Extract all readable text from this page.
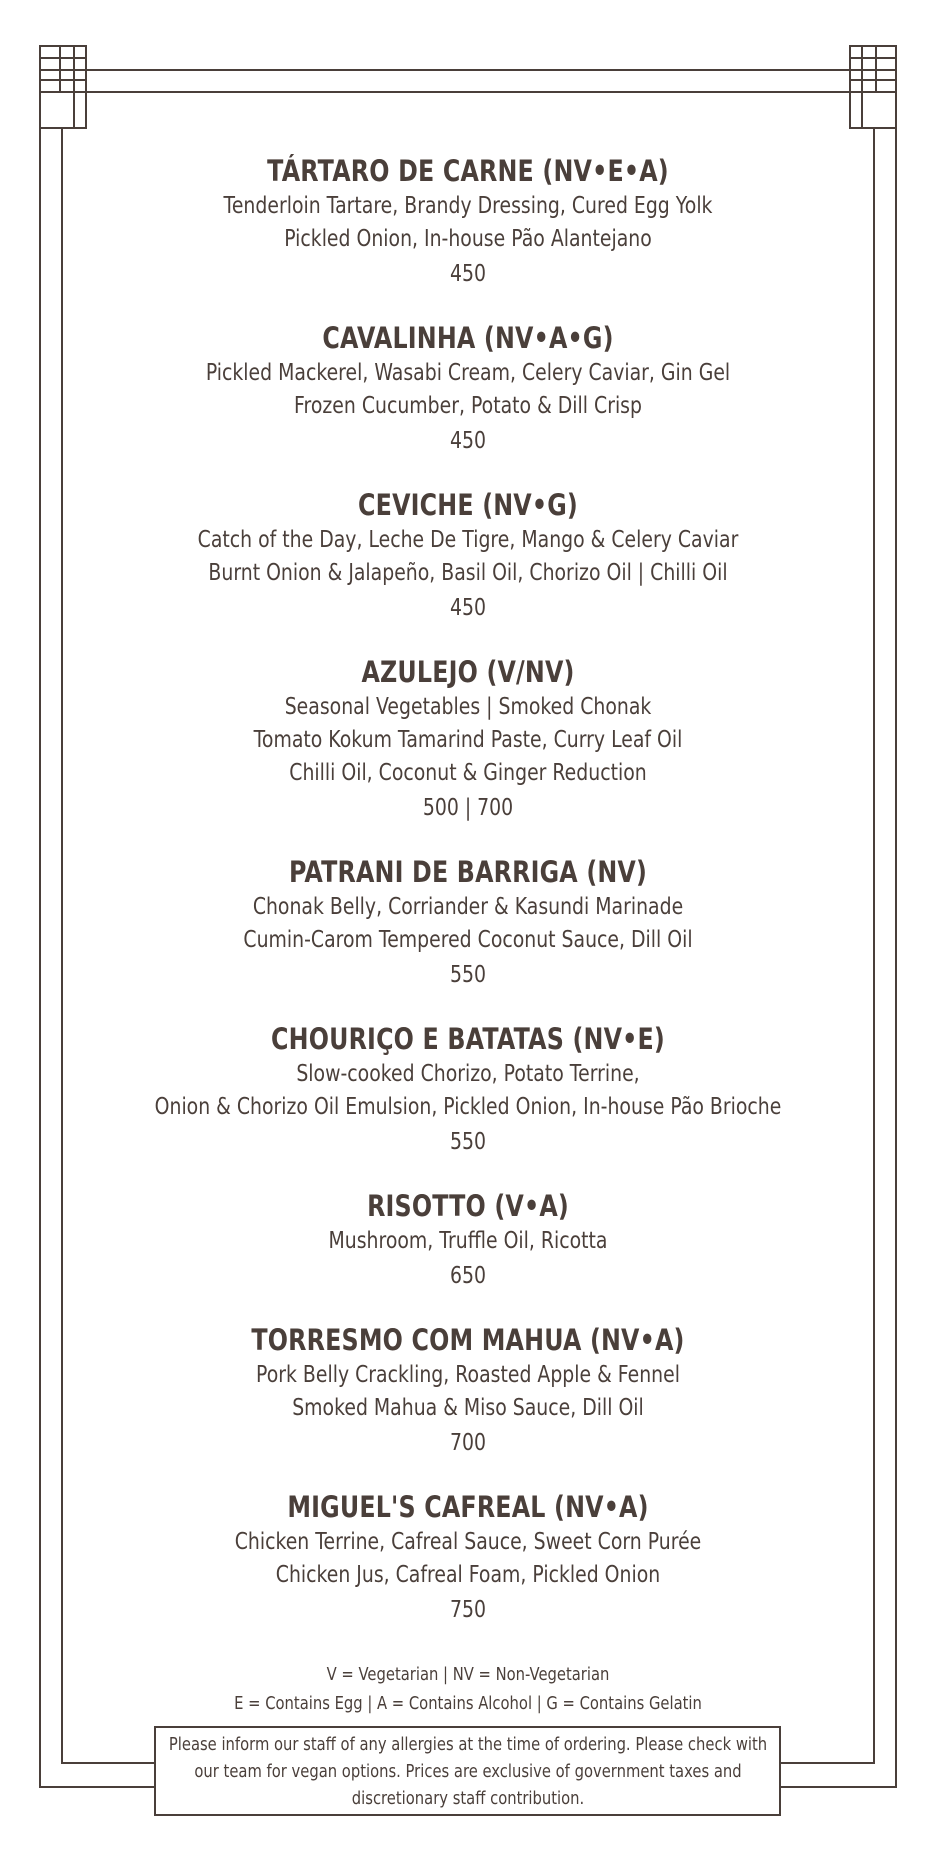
TÁRTARO DE CARNE (NV•E•A)
Tenderloin Tartare, Brandy Dressing, Cured Egg Yolk
Pickled Onion, In-house Pão Alantejano
450
CAVALINHA (NV•A•G)
Pickled Mackerel, Wasabi Cream, Celery Caviar, Gin Gel
Frozen Cucumber, Potato & Dill Crisp
450
CEVICHE (NV•G)
Catch of the Day, Leche De Tigre, Mango & Celery Caviar
Burnt Onion & Jalapeño, Basil Oil, Chorizo Oil | Chilli Oil
450
AZULEJO (V/NV)
Seasonal Vegetables | Smoked Chonak
Tomato Kokum Tamarind Paste, Curry Leaf Oil
Chilli Oil, Coconut & Ginger Reduction
500 | 700
PATRANI DE BARRIGA (NV)
Chonak Belly, Corriander & Kasundi Marinade
Cumin-Carom Tempered Coconut Sauce, Dill Oil
550
CHOURIÇO E BATATAS (NV•E)
Slow-cooked Chorizo, Potato Terrine,
Onion & Chorizo Oil Emulsion, Pickled Onion, In-house Pão Brioche
550
RISOTTO (V•A)
Mushroom, Truffle Oil, Ricotta
650
TORRESMO COM MAHUA (NV•A)
Pork Belly Crackling, Roasted Apple & Fennel
Smoked Mahua & Miso Sauce, Dill Oil
700
MIGUEL'S CAFREAL (NV•A)
Chicken Terrine, Cafreal Sauce, Sweet Corn Purée
Chicken Jus, Cafreal Foam, Pickled Onion
750
V = Vegetarian | NV = Non-Vegetarian
E = Contains Egg | A = Contains Alcohol | G = Contains Gelatin
Please inform our staff of any allergies at the time of ordering. Please check with our team for vegan options. Prices are exclusive of government taxes and discretionary staff contribution.
